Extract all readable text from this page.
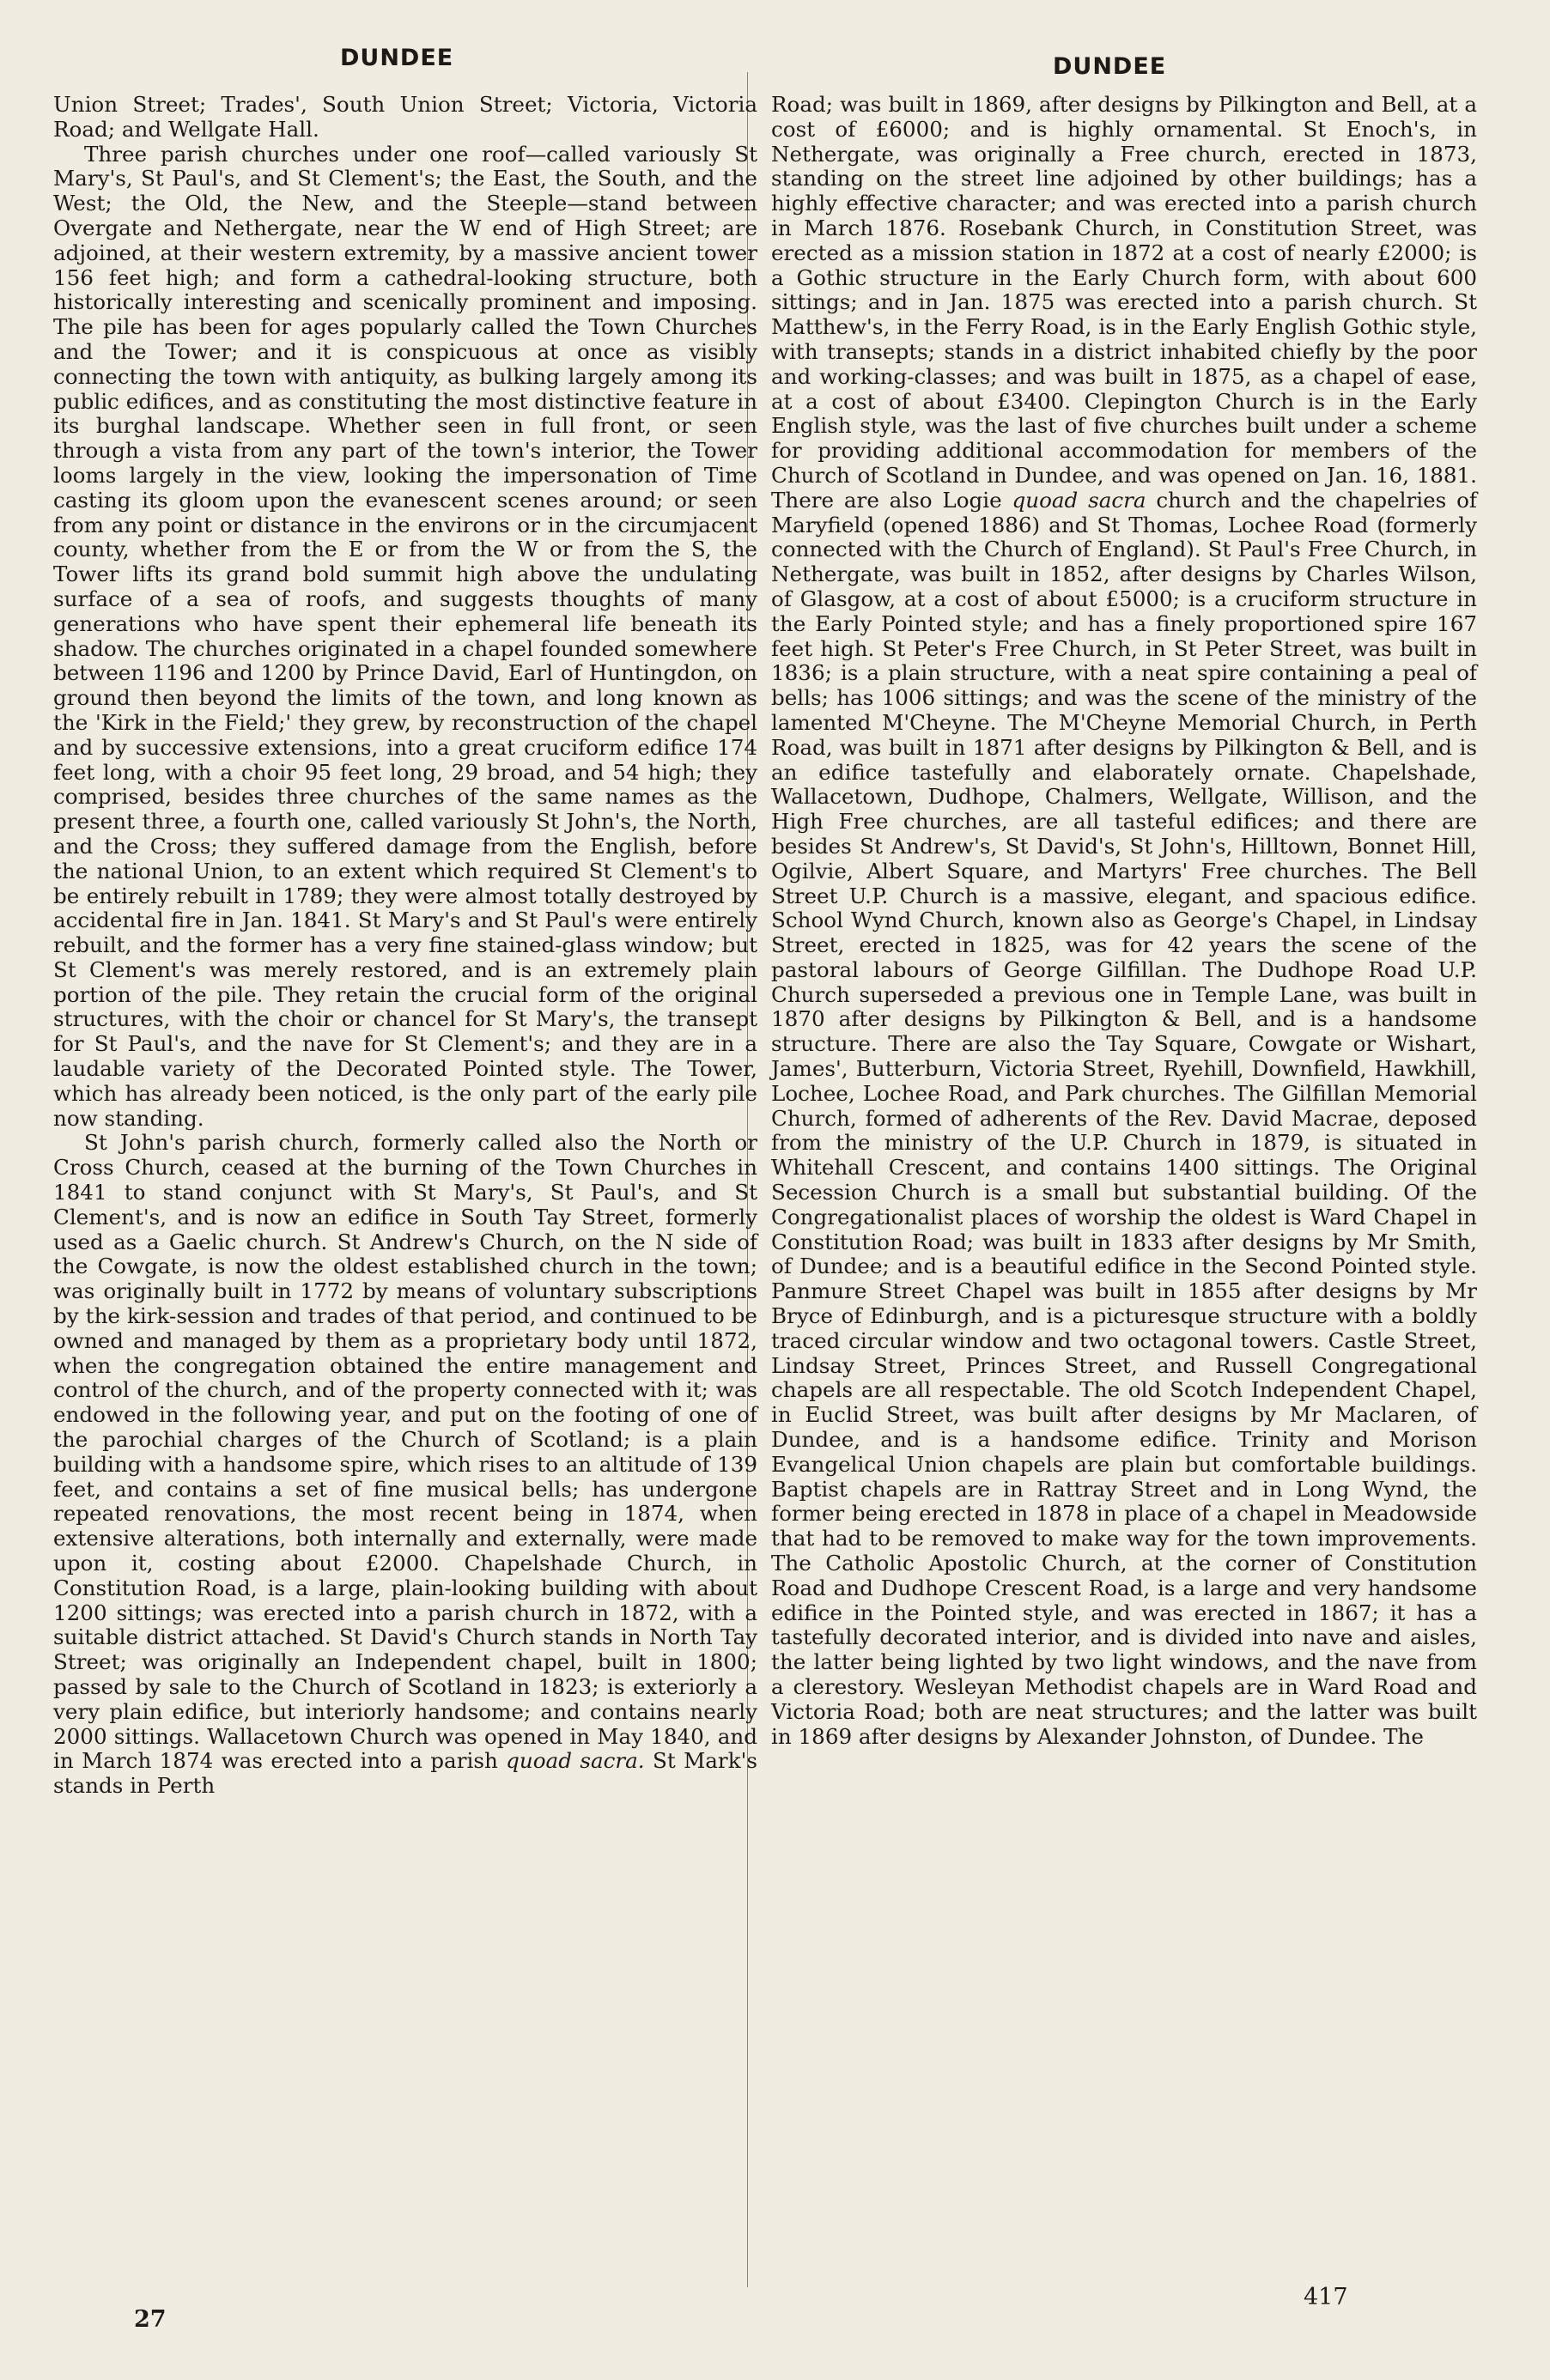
DUNDEE	DUNDEE

Union Street; Trades', South Union Street; Victoria, Victoria Road; and Wellgate Hall.

Three parish churches under one roof—called variously St Mary's, St Paul's, and St Clement's; the East, the South, and the West; the Old, the New, and the Steeple—stand between Overgate and Nethergate, near the W end of High Street; are adjoined, at their western extremity, by a massive ancient tower 156 feet high; and form a cathedral-looking structure, both historically interesting and scenically prominent and imposing. The pile has been for ages popularly called the Town Churches and the Tower; and it is conspicuous at once as visibly connecting the town with antiquity, as bulking largely among its public edifices, and as constituting the most distinctive feature in its burghal landscape. Whether seen in full front, or seen through a vista from any part of the town's interior, the Tower looms largely in the view, looking the impersonation of Time casting its gloom upon the evanescent scenes around; or seen from any point or distance in the environs or in the circumjacent county, whether from the E or from the W or from the S, the Tower lifts its grand bold summit high above the undulating surface of a sea of roofs, and suggests thoughts of many generations who have spent their ephemeral life beneath its shadow. The churches originated in a chapel founded somewhere between 1196 and 1200 by Prince David, Earl of Huntingdon, on ground then beyond the limits of the town, and long known as the 'Kirk in the Field;' they grew, by reconstruction of the chapel and by successive extensions, into a great cruciform edifice 174 feet long, with a choir 95 feet long, 29 broad, and 54 high; they comprised, besides three churches of the same names as the present three, a fourth one, called variously St John's, the North, and the Cross; they suffered damage from the English, before the national Union, to an extent which required St Clement's to be entirely rebuilt in 1789; they were almost totally destroyed by accidental fire in Jan. 1841. St Mary's and St Paul's were entirely rebuilt, and the former has a very fine stained-glass window; but St Clement's was merely restored, and is an extremely plain portion of the pile. They retain the crucial form of the original structures, with the choir or chancel for St Mary's, the transept for St Paul's, and the nave for St Clement's; and they are in a laudable variety of the Decorated Pointed style. The Tower, which has already been noticed, is the only part of the early pile now standing.

St John's parish church, formerly called also the North or Cross Church, ceased at the burning of the Town Churches in 1841 to stand conjunct with St Mary's, St Paul's, and St Clement's, and is now an edifice in South Tay Street, formerly used as a Gaelic church. St Andrew's Church, on the N side of the Cowgate, is now the oldest established church in the town; was originally built in 1772 by means of voluntary subscriptions by the kirk-session and trades of that period, and continued to be owned and managed by them as a proprietary body until 1872, when the congregation obtained the entire management and control of the church, and of the property connected with it; was endowed in the following year, and put on the footing of one of the parochial charges of the Church of Scotland; is a plain building with a handsome spire, which rises to an altitude of 139 feet, and contains a set of fine musical bells; has undergone repeated renovations, the most recent being in 1874, when extensive alterations, both internally and externally, were made upon it, costing about £2000. Chapelshade Church, in Constitution Road, is a large, plain-looking building with about 1200 sittings; was erected into a parish church in 1872, with a suitable district attached. St David's Church stands in North Tay Street; was originally an Independent chapel, built in 1800; passed by sale to the Church of Scotland in 1823; is exteriorly a very plain edifice, but interiorly handsome; and contains nearly 2000 sittings. Wallacetown Church was opened in May 1840, and in March 1874 was erected into a parish quoad sacra. St Mark's stands in Perth

Road; was built in 1869, after designs by Pilkington and Bell, at a cost of £6000; and is highly ornamental. St Enoch's, in Nethergate, was originally a Free church, erected in 1873, standing on the street line adjoined by other buildings; has a highly effective character; and was erected into a parish church in March 1876. Rosebank Church, in Constitution Street, was erected as a mission station in 1872 at a cost of nearly £2000; is a Gothic structure in the Early Church form, with about 600 sittings; and in Jan. 1875 was erected into a parish church. St Matthew's, in the Ferry Road, is in the Early English Gothic style, with transepts; stands in a district inhabited chiefly by the poor and working-classes; and was built in 1875, as a chapel of ease, at a cost of about £3400. Clepington Church is in the Early English style, was the last of five churches built under a scheme for providing additional accommodation for members of the Church of Scotland in Dundee, and was opened on Jan. 16, 1881. There are also Logie quoad sacra church and the chapelries of Maryfield (opened 1886) and St Thomas, Lochee Road (formerly connected with the Church of England). St Paul's Free Church, in Nethergate, was built in 1852, after designs by Charles Wilson, of Glasgow, at a cost of about £5000; is a cruciform structure in the Early Pointed style; and has a finely proportioned spire 167 feet high. St Peter's Free Church, in St Peter Street, was built in 1836; is a plain structure, with a neat spire containing a peal of bells; has 1006 sittings; and was the scene of the ministry of the lamented M'Cheyne. The M'Cheyne Memorial Church, in Perth Road, was built in 1871 after designs by Pilkington & Bell, and is an edifice tastefully and elaborately ornate. Chapelshade, Wallacetown, Dudhope, Chalmers, Wellgate, Willison, and the High Free churches, are all tasteful edifices; and there are besides St Andrew's, St David's, St John's, Hilltown, Bonnet Hill, Ogilvie, Albert Square, and Martyrs' Free churches. The Bell Street U.P. Church is a massive, elegant, and spacious edifice. School Wynd Church, known also as George's Chapel, in Lindsay Street, erected in 1825, was for 42 years the scene of the pastoral labours of George Gilfillan. The Dudhope Road U.P. Church superseded a previous one in Temple Lane, was built in 1870 after designs by Pilkington & Bell, and is a handsome structure. There are also the Tay Square, Cowgate or Wishart, James', Butterburn, Victoria Street, Ryehill, Downfield, Hawkhill, Lochee, Lochee Road, and Park churches. The Gilfillan Memorial Church, formed of adherents of the Rev. David Macrae, deposed from the ministry of the U.P. Church in 1879, is situated in Whitehall Crescent, and contains 1400 sittings. The Original Secession Church is a small but substantial building. Of the Congregationalist places of worship the oldest is Ward Chapel in Constitution Road; was built in 1833 after designs by Mr Smith, of Dundee; and is a beautiful edifice in the Second Pointed style. Panmure Street Chapel was built in 1855 after designs by Mr Bryce of Edinburgh, and is a picturesque structure with a boldly traced circular window and two octagonal towers. Castle Street, Lindsay Street, Princes Street, and Russell Congregational chapels are all respectable. The old Scotch Independent Chapel, in Euclid Street, was built after designs by Mr Maclaren, of Dundee, and is a handsome edifice. Trinity and Morison Evangelical Union chapels are plain but comfortable buildings. Baptist chapels are in Rattray Street and in Long Wynd, the former being erected in 1878 in place of a chapel in Meadowside that had to be removed to make way for the town improvements. The Catholic Apostolic Church, at the corner of Constitution Road and Dudhope Crescent Road, is a large and very handsome edifice in the Pointed style, and was erected in 1867; it has a tastefully decorated interior, and is divided into nave and aisles, the latter being lighted by two light windows, and the nave from a clerestory. Wesleyan Methodist chapels are in Ward Road and Victoria Road; both are neat structures; and the latter was built in 1869 after designs by Alexander Johnston, of Dundee. The

27
417
